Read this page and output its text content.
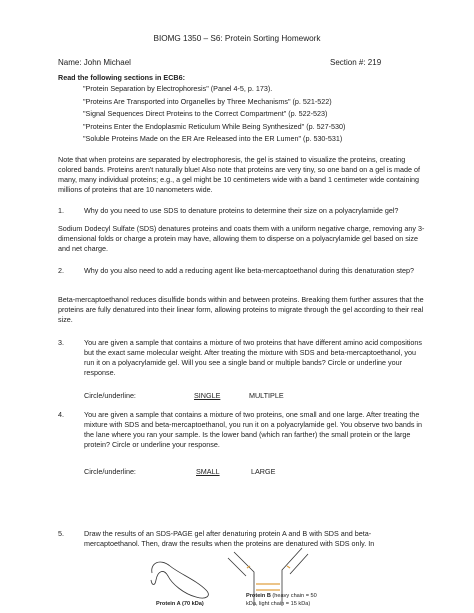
BIOMG 1350 – S6: Protein Sorting Homework
Name: John Michael	Section #: 219
Read the following sections in ECB6:
"Protein Separation by Electrophoresis" (Panel 4-5, p. 173).
"Proteins Are Transported into Organelles by Three Mechanisms" (p. 521-522)
"Signal Sequences Direct Proteins to the Correct Compartment" (p. 522-523)
"Proteins Enter the Endoplasmic Reticulum While Being Synthesized" (p. 527-530)
"Soluble Proteins Made on the ER Are Released into the ER Lumen" (p. 530-531)

Note that when proteins are separated by electrophoresis, the gel is stained to visualize the proteins, creating colored bands. Proteins aren't naturally blue! Also note that proteins are very tiny, so one band on a gel is made of many, many individual proteins; e.g., a gel might be 10 centimeters wide with a band 1 centimeter wide containing millions of proteins that are 10 nanometers wide.

1.	Why do you need to use SDS to denature proteins to determine their size on a polyacrylamide gel?

Sodium Dodecyl Sulfate (SDS) denatures proteins and coats them with a uniform negative charge, removing any 3-dimensional folds or charge a protein may have, allowing them to disperse on a polyacrylamide gel based on size and net charge.

2.	Why do you also need to add a reducing agent like beta-mercaptoethanol during this denaturation step?

Beta-mercaptoethanol reduces disulfide bonds within and between proteins. Breaking them further assures that the proteins are fully denatured into their linear form, allowing proteins to migrate through the gel according to their real size.

3.	You are given a sample that contains a mixture of two proteins that have different amino acid compositions but the exact same molecular weight. After treating the mixture with SDS and beta-mercaptoethanol, you run it on a polyacrylamide gel. Will you see a single band or multiple bands? Circle or underline your response.

Circle/underline:	SINGLE	MULTIPLE
4.	You are given a sample that contains a mixture of two proteins, one small and one large. After treating the mixture with SDS and beta-mercaptoethanol, you run it on a polyacrylamide gel. You observe two bands in the lane where you ran your sample. Is the lower band (which ran farther) the small protein or the large protein? Circle or underline your response.

Circle/underline:	SMALL	LARGE
5.	Draw the results of an SDS-PAGE gel after denaturing protein A and B with SDS and beta-mercaptoethanol. Then, draw the results when the proteins are denatured with SDS only. In

Protein A (70 kDa)
Protein B (heavy chain = 50
kDa, light chain = 15 kDa)
